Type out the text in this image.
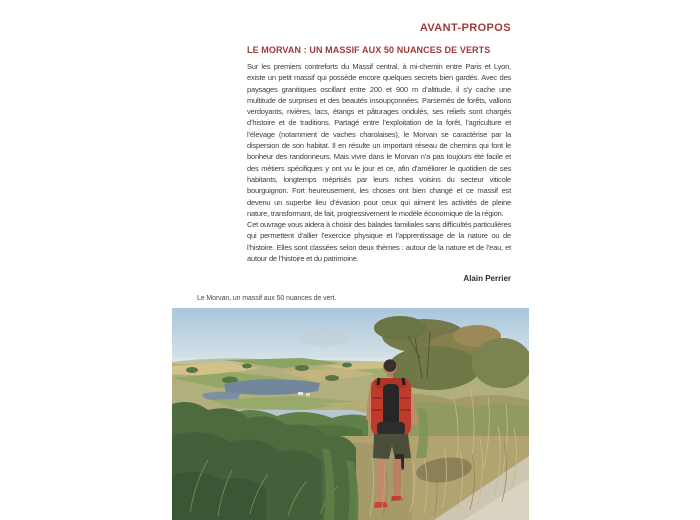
AVANT-PROPOS
LE MORVAN : UN MASSIF AUX 50 NUANCES DE VERTS

Sur les premiers contreforts du Massif central, à mi-chemin entre Paris et Lyon, existe un petit massif qui possède encore quelques secrets bien gardés. Avec des paysages granitiques oscillant entre 200 et 900 m d’altitude, il s’y cache une multitude de surprises et des beautés insoupçonnées. Parsemés de forêts, vallons verdoyants, rivières, lacs, étangs et pâturages ondulés, ses reliefs sont chargés d’histoire et de traditions. Partagé entre l’exploitation de la forêt, l’agriculture et l’élevage (notamment de vaches charolaises), le Morvan se caractérise par la dispersion de son habitat. Il en résulte un important réseau de chemins qui font le bonheur des randonneurs. Mais vivre dans le Morvan n’a pas toujours été facile et des métiers spécifiques y ont vu le jour et ce, afin d’améliorer le quotidien de ses habitants, longtemps méprisés par leurs riches voisins du secteur viticole bourguignon. Fort heureusement, les choses ont bien changé et ce massif est devenu un superbe lieu d’évasion pour ceux qui aiment les activités de pleine nature, transformant, de fait, progressivement le modèle économique de la région.

Cet ouvrage vous aidera à choisir des balades familiales sans difficultés particulières qui permettent d’allier l’exercice physique et l’apprentissage de la nature ou de l’histoire. Elles sont classées selon deux thèmes : autour de la nature et de l’eau, et autour de l’histoire et du patrimoine.

Alain Perrier
Le Morvan, un massif aux 50 nuances de vert.
